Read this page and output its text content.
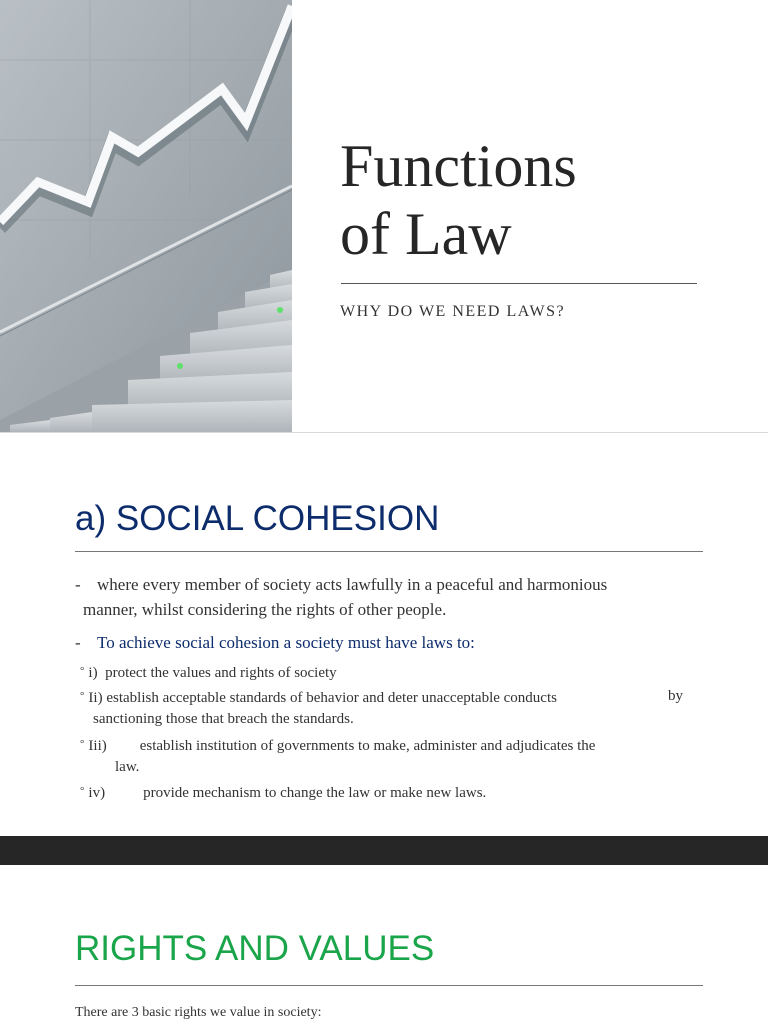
Functions
of Law

WHY DO WE NEED LAWS?

a) SOCIAL COHESION
- where every member of society acts lawfully in a peaceful and harmonious
manner, whilst considering the rights of other people.
- To achieve social cohesion a society must have laws to:
° i) protect the values and rights of society
° Ii) establish acceptable standards of behavior and deter unacceptable conducts	by
sanctioning those that breach the standards.
° Iii) establish institution of governments to make, administer and adjudicates the
law.
° iv)	provide mechanism to change the law or make new laws.
RIGHTS AND VALUES

There are 3 basic rights we value in society:
